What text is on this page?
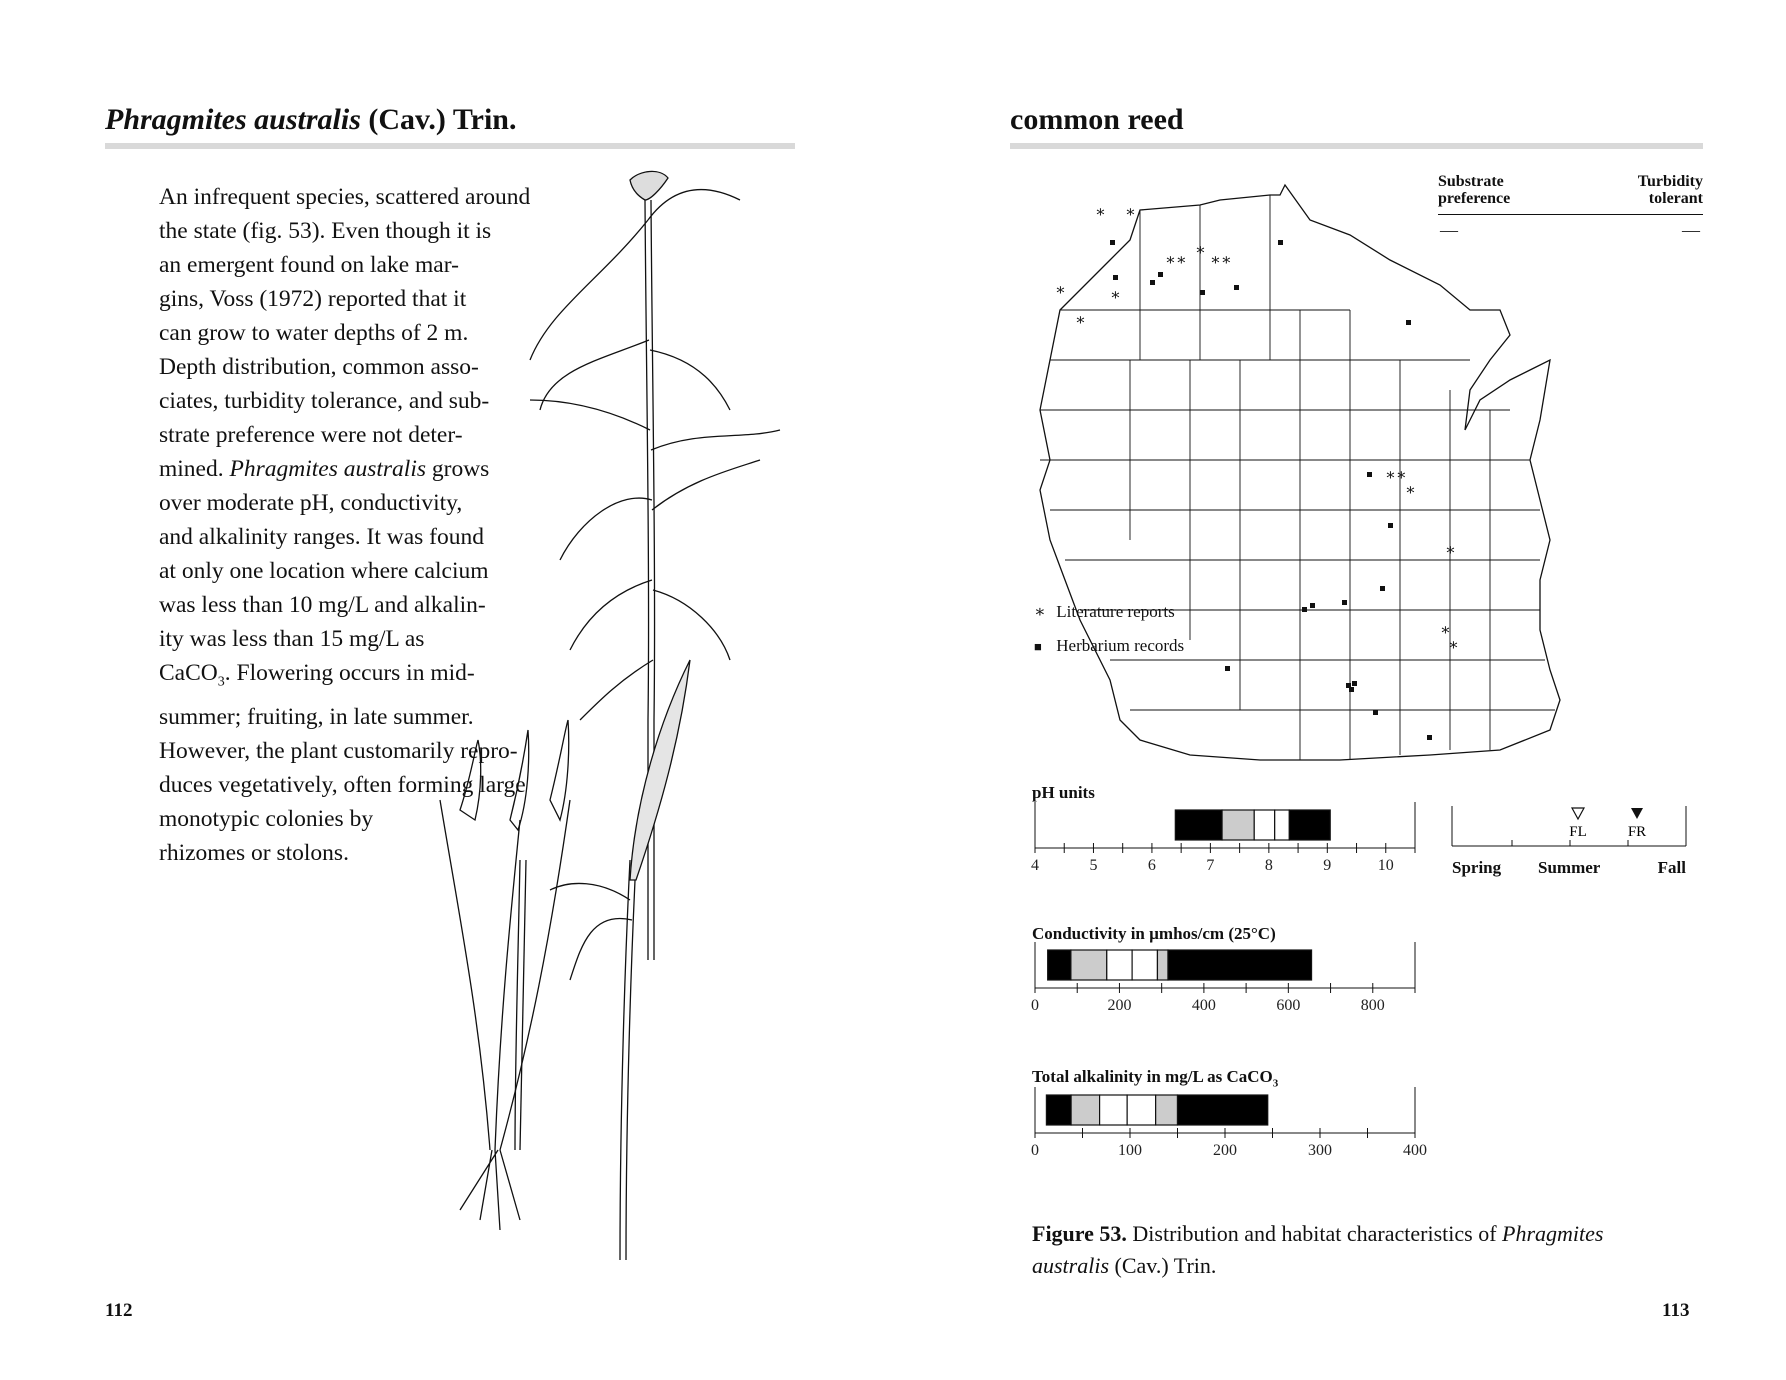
Phragmites australis (Cav.) Trin.

An infrequent species, scattered around

the state (fig. 53). Even though it is

an emergent found on lake mar-

gins, Voss (1972) reported that it

can grow to water depths of 2 m.

Depth distribution, common asso-

ciates, turbidity tolerance, and sub-

strate preference were not deter-

mined. Phragmites australis grows

over moderate pH, conductivity,

and alkalinity ranges. It was found

at only one location where calcium

was less than 10 mg/L and alkalin-

ity was less than 15 mg/L as

CaCO$_3$. Flowering occurs in mid-

summer; fruiting, in late summer.

However, the plant customarily repro-

duces vegetatively, often forming large

monotypic colonies by

rhizomes or stolons.

112
common reed
Substrate
preference
Turbidity
tolerant
—	—
∗ ∗
∗	∗
∗
∗∗ ∗∗
∗
∗∗
∗
∗
∗
∗
∗ Literature reports
■ Herbarium records
pH units
4	5	6	7	8	9	10
Conductivity in µmhos/cm (25°C)
0	200	400	600	800
Total alkalinity in mg/L as CaCO$_3$
0	100	200	300	400
FL	FR
Spring Summer	Fall
Figure 53. Distribution and habitat characteristics of Phragmites
australis (Cav.) Trin.
113
